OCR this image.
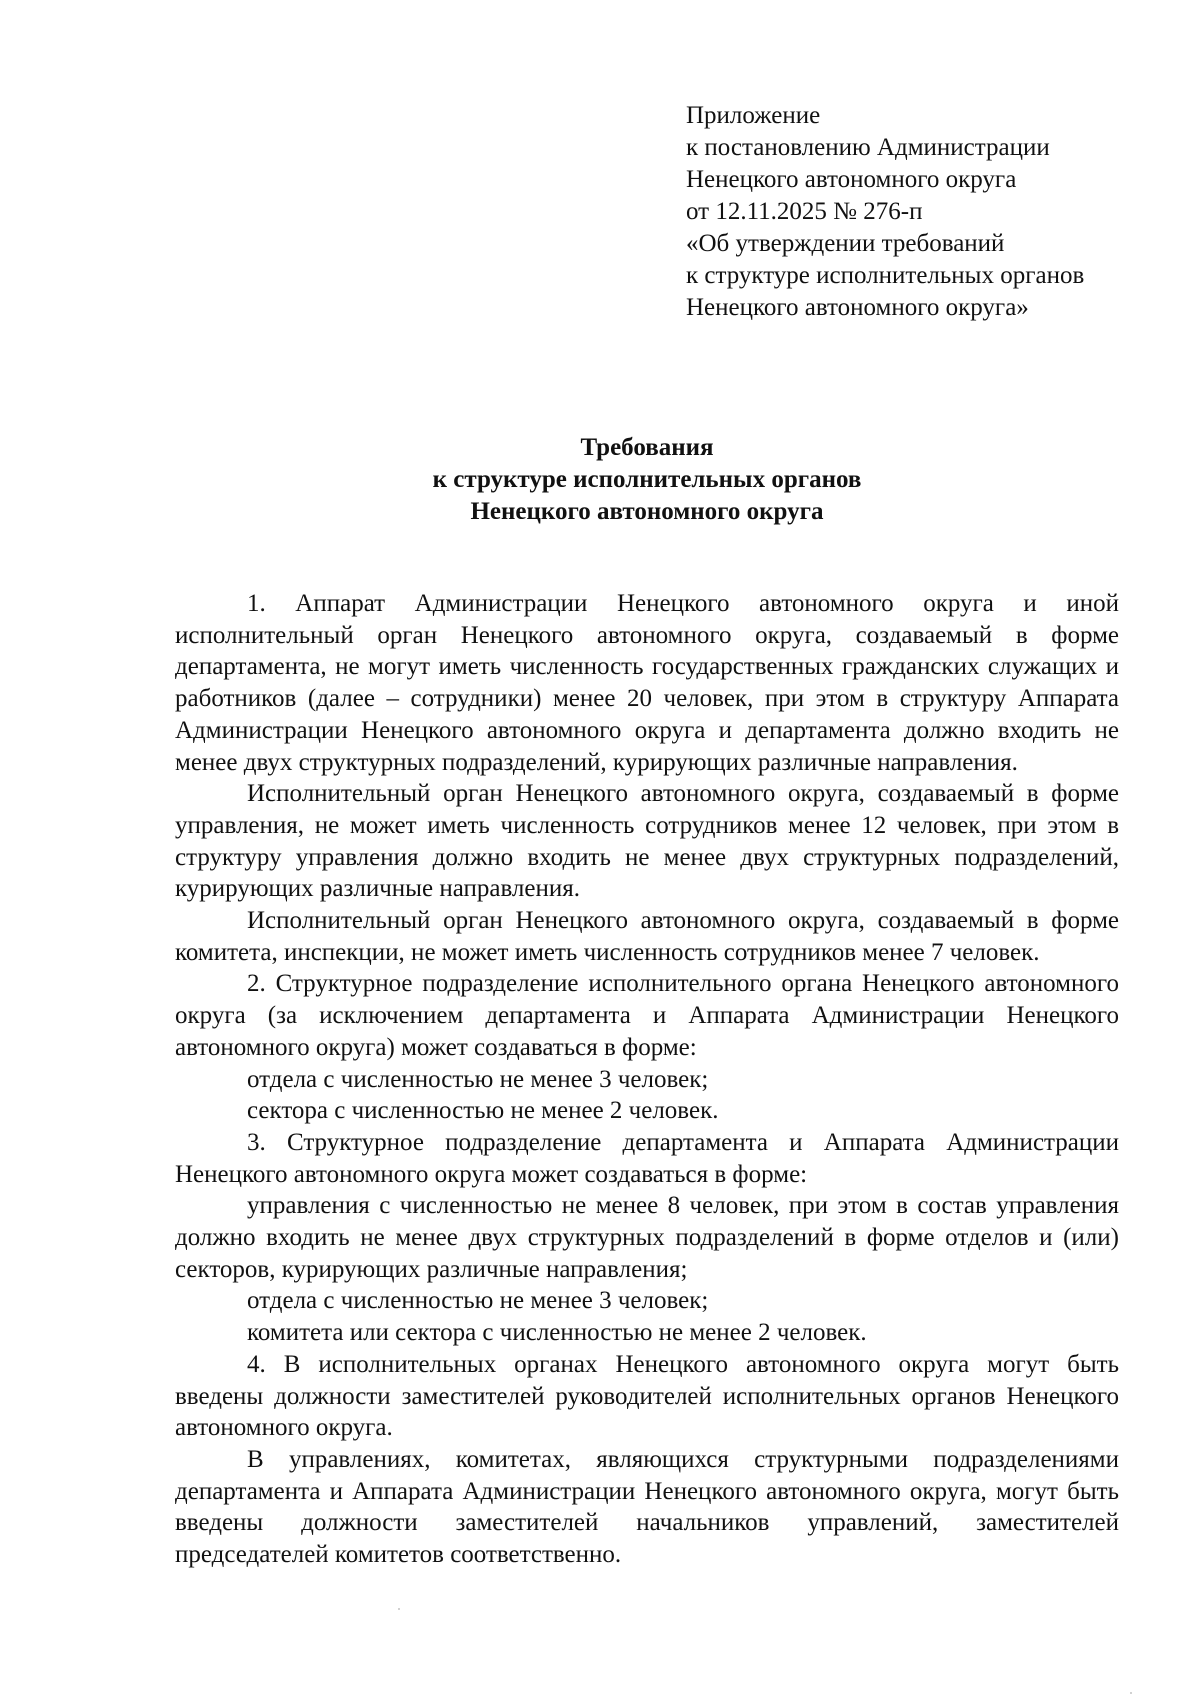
Приложение
к постановлению Администрации
Ненецкого автономного округа
от 12.11.2025 № 276-п
«Об утверждении требований
к структуре исполнительных органов
Ненецкого автономного округа»
Требования
к структуре исполнительных органов
Ненецкого автономного округа

1. Аппарат Администрации Ненецкого автономного округа и иной исполнительный орган Ненецкого автономного округа, создаваемый в форме департамента, не могут иметь численность государственных гражданских служащих и работников (далее – сотрудники) менее 20 человек, при этом в структуру Аппарата Администрации Ненецкого автономного округа и департамента должно входить не менее двух структурных подразделений, курирующих различные направления.

Исполнительный орган Ненецкого автономного округа, создаваемый в форме управления, не может иметь численность сотрудников менее 12 человек, при этом в структуру управления должно входить не менее двух структурных подразделений, курирующих различные направления.

Исполнительный орган Ненецкого автономного округа, создаваемый в форме комитета, инспекции, не может иметь численность сотрудников менее 7 человек.

2. Структурное подразделение исполнительного органа Ненецкого автономного округа (за исключением департамента и Аппарата Администрации Ненецкого автономного округа) может создаваться в форме:

отдела с численностью не менее 3 человек;

сектора с численностью не менее 2 человек.

3. Структурное подразделение департамента и Аппарата Администрации Ненецкого автономного округа может создаваться в форме:

управления с численностью не менее 8 человек, при этом в состав управления должно входить не менее двух структурных подразделений в форме отделов и (или) секторов, курирующих различные направления;

отдела с численностью не менее 3 человек;

комитета или сектора с численностью не менее 2 человек.

4. В исполнительных органах Ненецкого автономного округа могут быть введены должности заместителей руководителей исполнительных органов Ненецкого автономного округа.

В управлениях, комитетах, являющихся структурными подразделениями департамента и Аппарата Администрации Ненецкого автономного округа, могут быть введены должности заместителей начальников управлений, заместителей председателей комитетов соответственно.
